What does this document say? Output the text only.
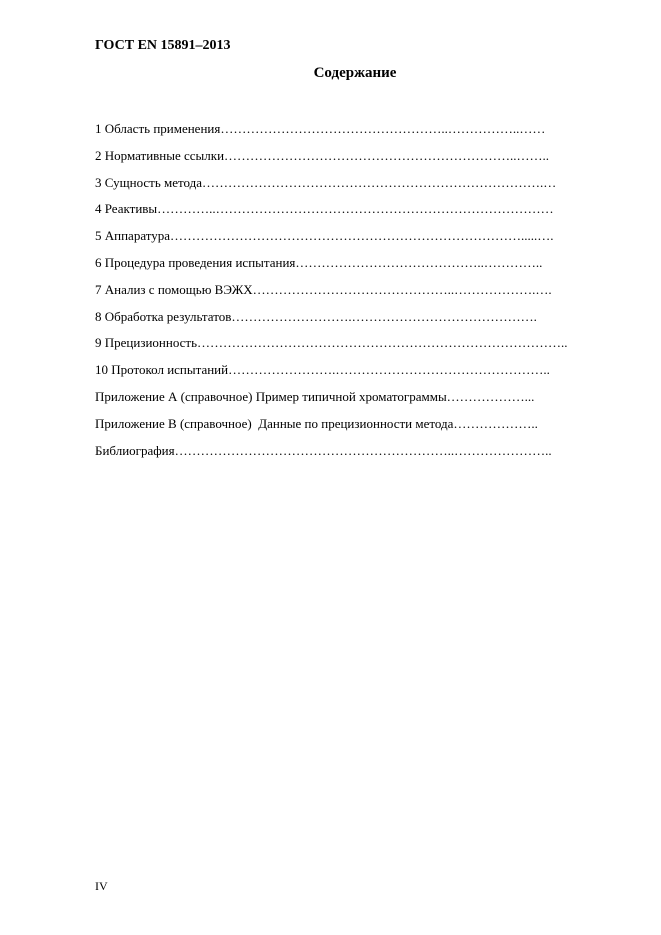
ГОСТ EN 15891–2013
Содержание
1 Область применения……………………………………………..……………..……
2 Нормативные ссылки…………………………………………………………..……..
3 Сущность метода…………………………………………………………………….…
4 Реактивы…………..……………………………………………………………………
5 Аппаратура……………………………………………………………………….....….
6 Процедура проведения испытания……………………………………..…………..
7 Анализ с помощью ВЭЖХ………………………………………..……………….….
8 Обработка результатов……………………….…………………………………….
9 Прецизионность…………………………………………………………………………..
10 Протокол испытаний…………………….…………………………………………..
Приложение А (справочное) Пример типичной хроматограммы………………...
Приложение В (справочное)  Данные по прецизионности метода………………..
Библиография………………………………………………………..…………………..
IV
